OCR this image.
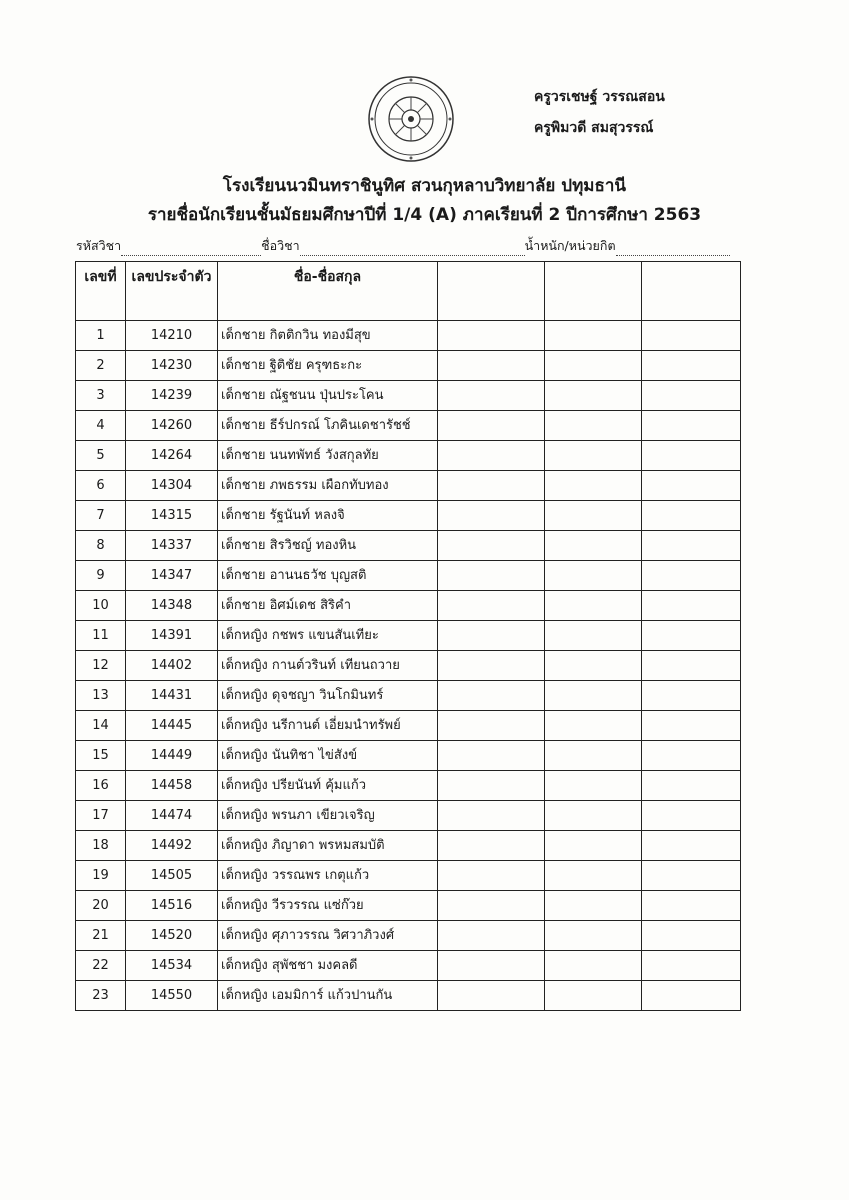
ครูวรเชษฐ์ วรรณสอน
ครูพิมวดี สมสุวรรณ์
โรงเรียนนวมินทราชินูทิศ สวนกุหลาบวิทยาลัย ปทุมธานี
รายชื่อนักเรียนชั้นมัธยมศึกษาปีที่ 1/4 (A) ภาคเรียนที่ 2 ปีการศึกษา 2563
รหัสวิชา	ชื่อวิชา	น้ำหนัก/หน่วยกิต
เลขที่	เลขประจำตัว	ชื่อ-ชื่อสกุล			
1	14210	เด็กชาย กิตติกวิน ทองมีสุข			
2	14230	เด็กชาย ฐิติชัย ครุฑธะกะ			
3	14239	เด็กชาย ณัฐชนน ปุ่นประโคน			
4	14260	เด็กชาย ธีร์ปกรณ์ โภคินเดชารัชช์			
5	14264	เด็กชาย นนทพัทธ์ วังสกุลทัย			
6	14304	เด็กชาย ภพธรรม เผือกทับทอง			
7	14315	เด็กชาย รัฐนันท์ หลงจิ			
8	14337	เด็กชาย สิรวิชญ์ ทองหิน			
9	14347	เด็กชาย อานนธวัช บุญสติ			
10	14348	เด็กชาย อิศม์เดช สิริคำ			
11	14391	เด็กหญิง กชพร แขนสันเทียะ			
12	14402	เด็กหญิง กานต์วรินท์ เทียนถวาย			
13	14431	เด็กหญิง ดุจชญา วินโกมินทร์			
14	14445	เด็กหญิง นรีกานต์ เอี่ยมนำทรัพย์			
15	14449	เด็กหญิง นันทิชา ไข่สังข์			
16	14458	เด็กหญิง ปรียนันท์ คุ้มแก้ว			
17	14474	เด็กหญิง พรนภา เขียวเจริญ			
18	14492	เด็กหญิง ภิญาดา พรหมสมบัติ			
19	14505	เด็กหญิง วรรณพร เกตุแก้ว			
20	14516	เด็กหญิง วีรวรรณ แซ่ก๊วย			
21	14520	เด็กหญิง ศุภาวรรณ วิศวาภิวงศ์			
22	14534	เด็กหญิง สุพัชชา มงคลดี			
23	14550	เด็กหญิง เอมมิการ์ แก้วปานกัน			
